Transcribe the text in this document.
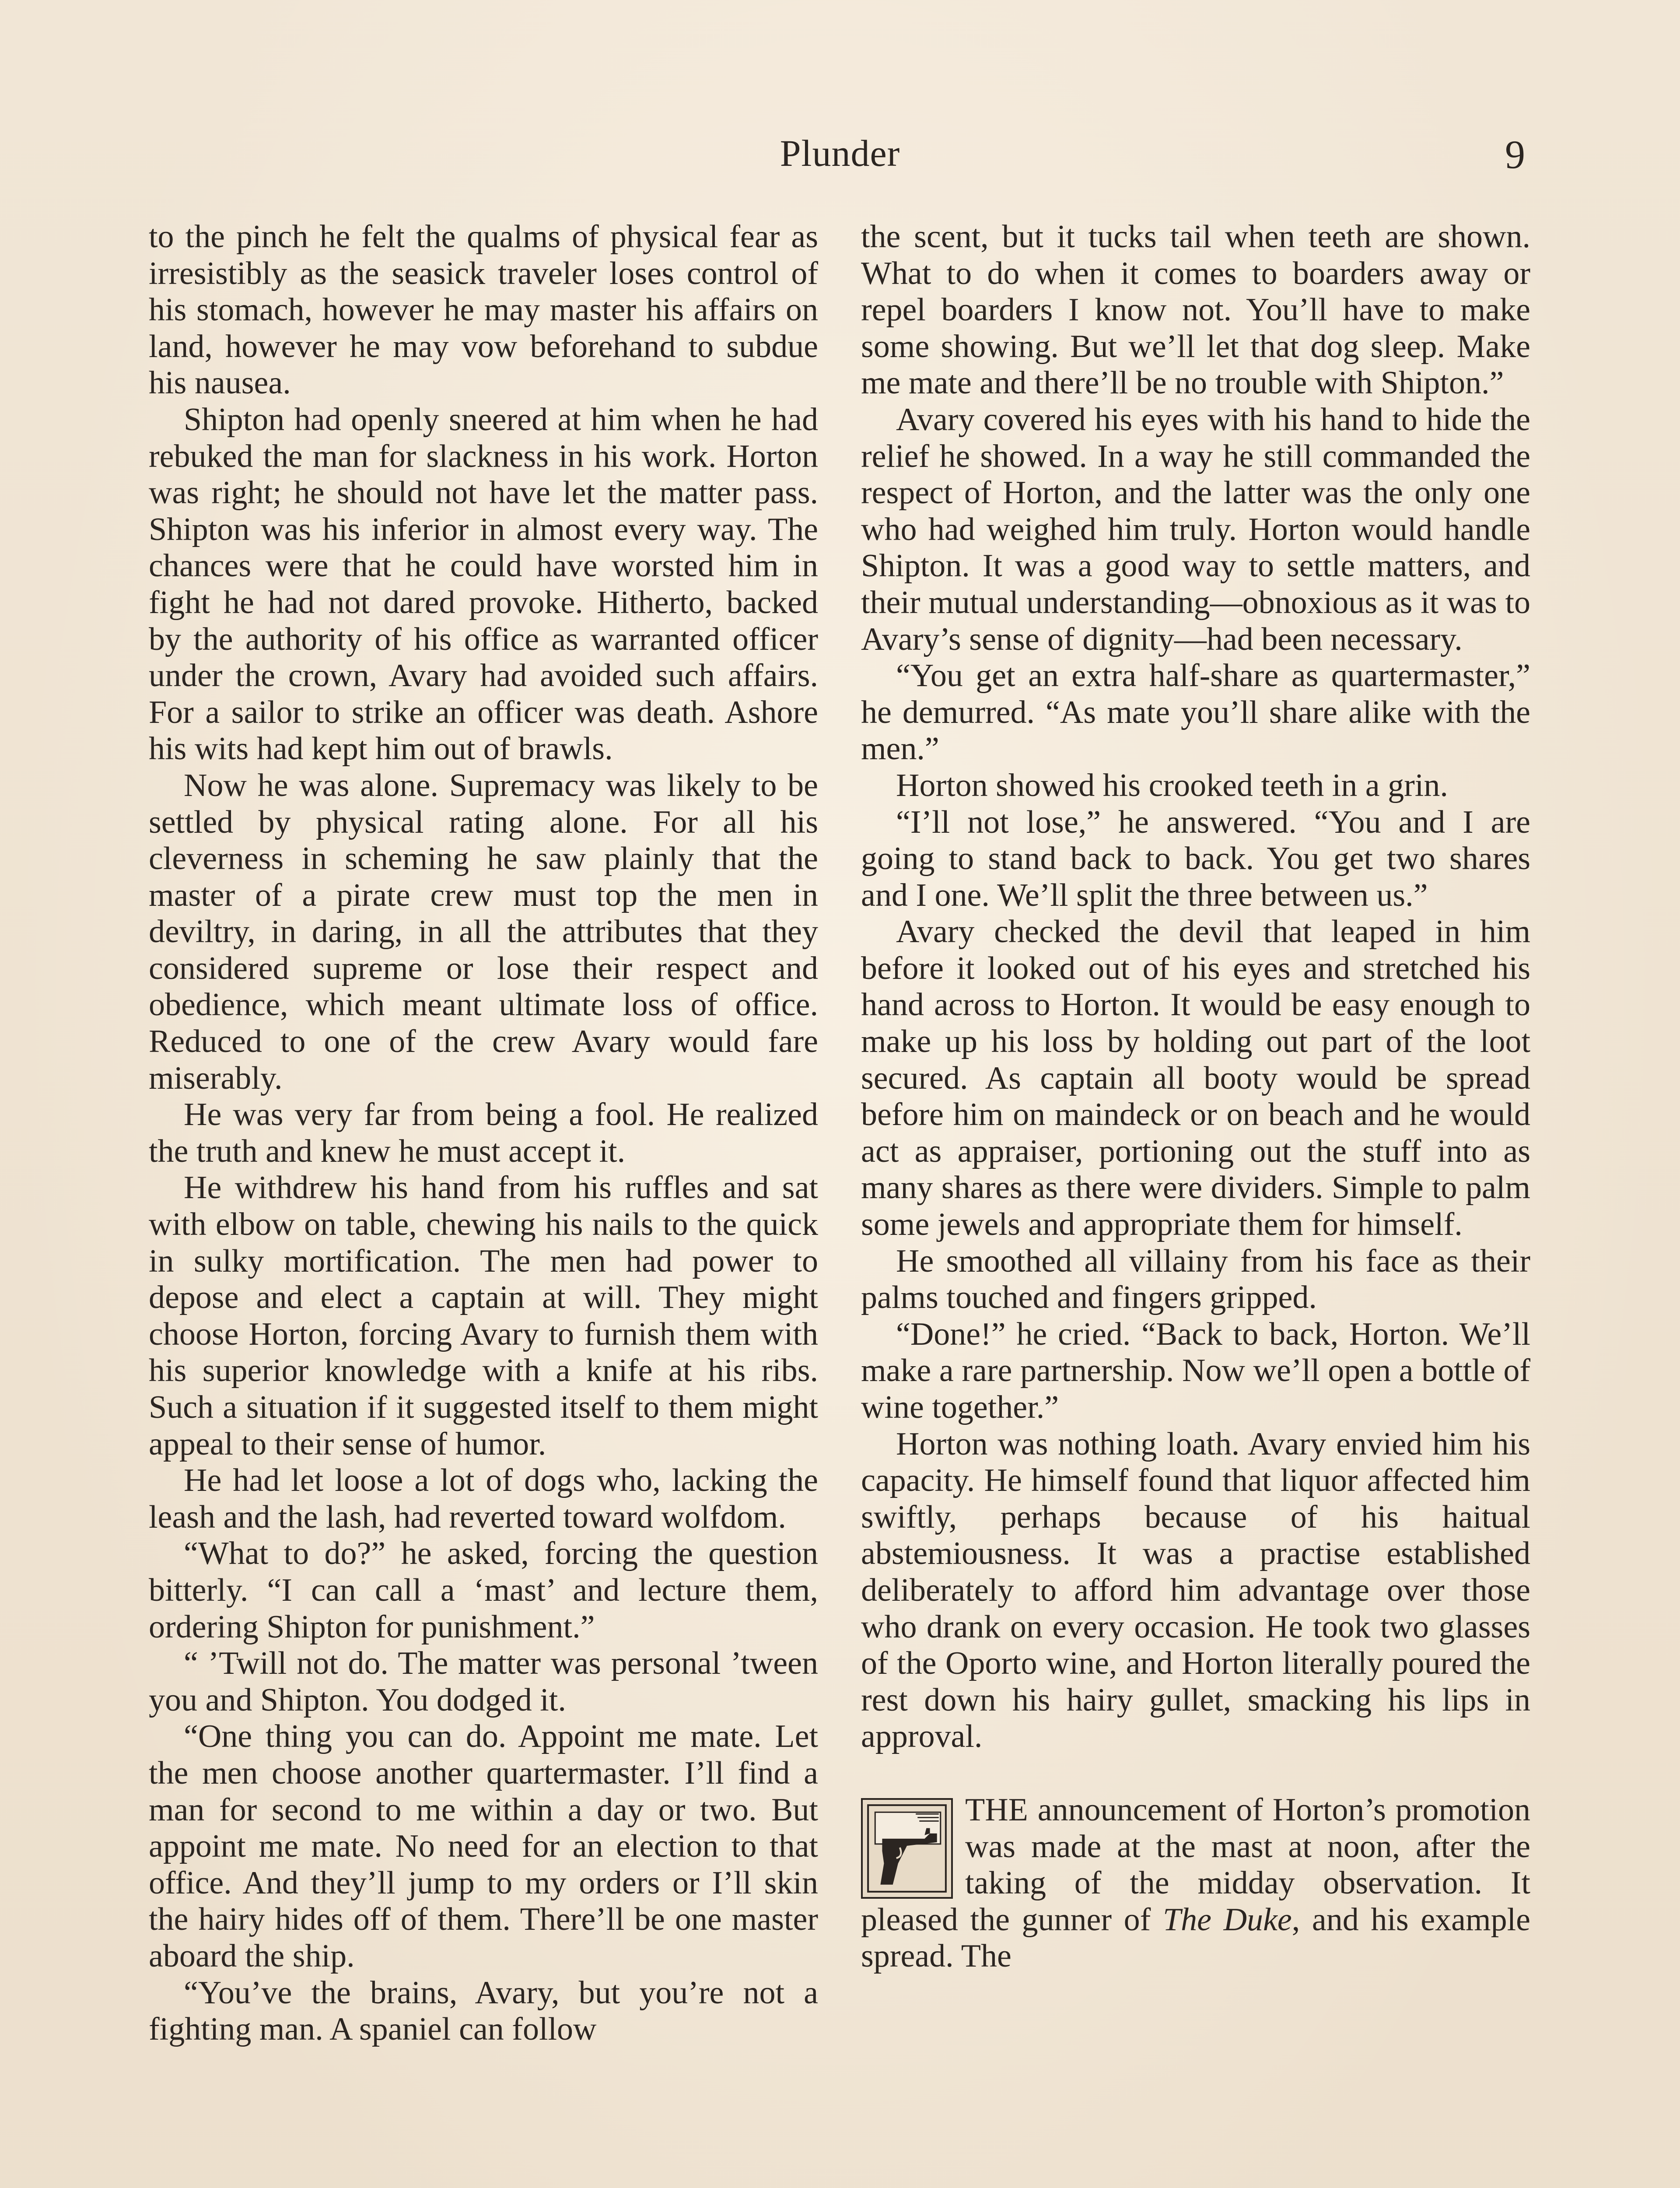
Plunder	9

to the pinch he felt the qualms of physical fear as irresistibly as the seasick traveler loses control of his stomach, however he may master his affairs on land, however he may vow beforehand to subdue his nausea.

Shipton had openly sneered at him when he had rebuked the man for slackness in his work. Horton was right; he should not have let the matter pass. Shipton was his inferior in almost every way. The chances were that he could have worsted him in fight he had not dared provoke. Hitherto, backed by the authority of his office as warranted officer under the crown, Avary had avoided such affairs. For a sailor to strike an officer was death. Ashore his wits had kept him out of brawls.

Now he was alone. Supremacy was likely to be settled by physical rating alone. For all his cleverness in scheming he saw plainly that the master of a pirate crew must top the men in deviltry, in daring, in all the attributes that they considered supreme or lose their respect and obedience, which meant ultimate loss of office. Reduced to one of the crew Avary would fare miserably.

He was very far from being a fool. He realized the truth and knew he must accept it.

He withdrew his hand from his ruffles and sat with elbow on table, chewing his nails to the quick in sulky mortification. The men had power to depose and elect a captain at will. They might choose Horton, forcing Avary to furnish them with his superior knowledge with a knife at his ribs. Such a situation if it suggested itself to them might appeal to their sense of humor.

He had let loose a lot of dogs who, lacking the leash and the lash, had reverted toward wolfdom.

“What to do?” he asked, forcing the question bitterly. “I can call a ‘mast’ and lecture them, ordering Shipton for punishment.”

“ ’Twill not do. The matter was personal ’tween you and Shipton. You dodged it.

“One thing you can do. Appoint me mate. Let the men choose another quartermaster. I’ll find a man for second to me within a day or two. But appoint me mate. No need for an election to that office. And they’ll jump to my orders or I’ll skin the hairy hides off of them. There’ll be one master aboard the ship.

“You’ve the brains, Avary, but you’re not a fighting man. A spaniel can follow

the scent, but it tucks tail when teeth are shown. What to do when it comes to boarders away or repel boarders I know not. You’ll have to make some showing. But we’ll let that dog sleep. Make me mate and there’ll be no trouble with Shipton.”

Avary covered his eyes with his hand to hide the relief he showed. In a way he still commanded the respect of Horton, and the latter was the only one who had weighed him truly. Horton would handle Shipton. It was a good way to settle matters, and their mutual understanding—obnoxious as it was to Avary’s sense of dignity—had been necessary.

“You get an extra half-share as quartermaster,” he demurred. “As mate you’ll share alike with the men.”

Horton showed his crooked teeth in a grin.

“I’ll not lose,” he answered. “You and I are going to stand back to back. You get two shares and I one. We’ll split the three between us.”

Avary checked the devil that leaped in him before it looked out of his eyes and stretched his hand across to Horton. It would be easy enough to make up his loss by holding out part of the loot secured. As captain all booty would be spread before him on maindeck or on beach and he would act as appraiser, portioning out the stuff into as many shares as there were dividers. Simple to palm some jewels and appropriate them for himself.

He smoothed all villainy from his face as their palms touched and fingers gripped.

“Done!” he cried. “Back to back, Horton. We’ll make a rare partnership. Now we’ll open a bottle of wine together.”

Horton was nothing loath. Avary envied him his capacity. He himself found that liquor affected him swiftly, perhaps because of his haitual abstemiousness. It was a practise established deliberately to afford him advantage over those who drank on every occasion. He took two glasses of the Oporto wine, and Horton literally poured the rest down his hairy gullet, smacking his lips in approval.

THE announcement of Horton’s promotion was made at the mast at noon, after the taking of the midday observation. It pleased the gunner of The Duke, and his example spread. The
